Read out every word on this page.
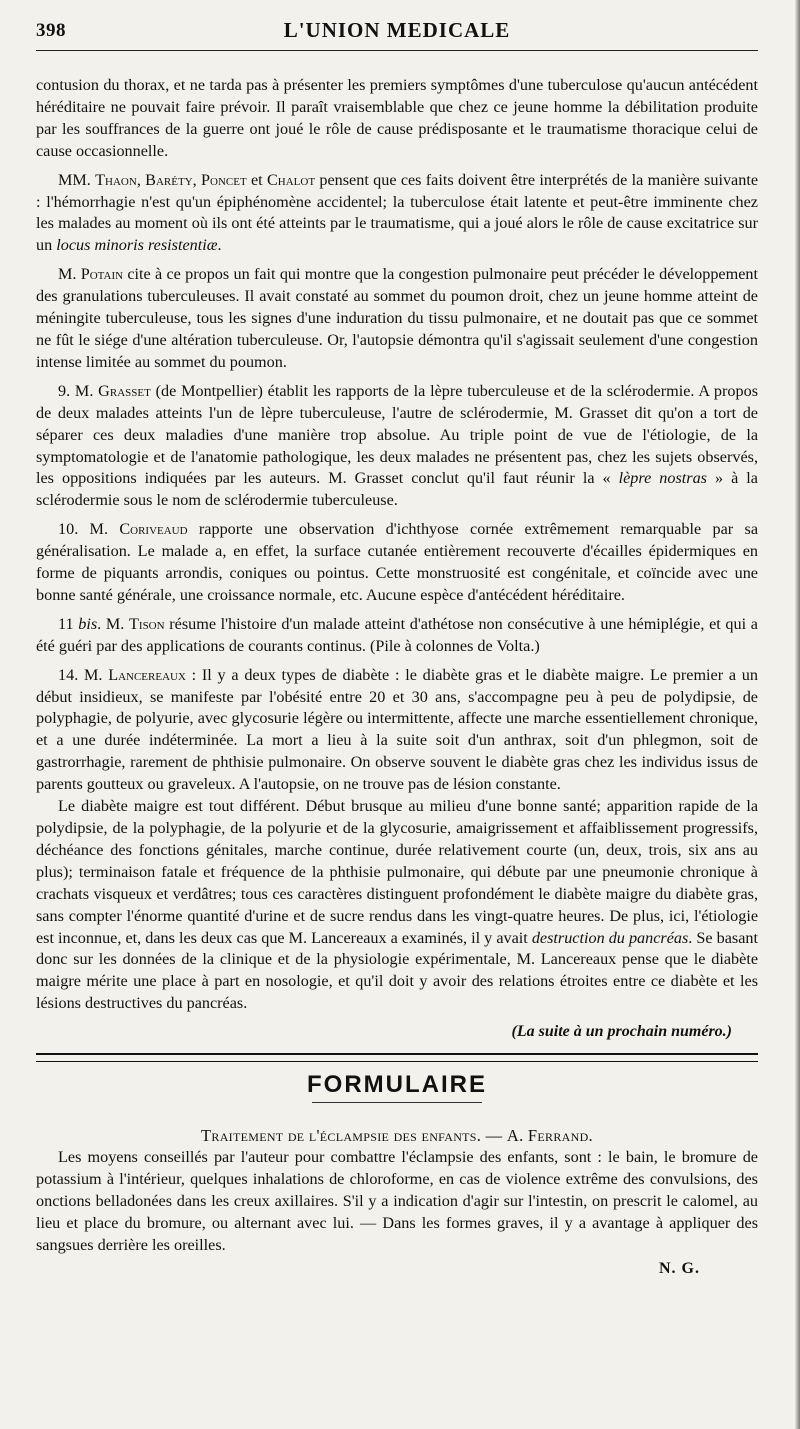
398	L'UNION MEDICALE

contusion du thorax, et ne tarda pas à présenter les premiers symptômes d'une tuberculose qu'aucun antécédent héréditaire ne pouvait faire prévoir. Il paraît vraisemblable que chez ce jeune homme la débilitation produite par les souffrances de la guerre ont joué le rôle de cause prédisposante et le traumatisme thoracique celui de cause occasionnelle.

MM. Thaon, Baréty, Poncet et Chalot pensent que ces faits doivent être interprétés de la manière suivante : l'hémorrhagie n'est qu'un épiphénomène accidentel; la tuberculose était latente et peut-être imminente chez les malades au moment où ils ont été atteints par le traumatisme, qui a joué alors le rôle de cause excitatrice sur un locus minoris resistentiæ.

M. Potain cite à ce propos un fait qui montre que la congestion pulmonaire peut précéder le développement des granulations tuberculeuses. Il avait constaté au sommet du poumon droit, chez un jeune homme atteint de méningite tuberculeuse, tous les signes d'une induration du tissu pulmonaire, et ne doutait pas que ce sommet ne fût le siége d'une altération tuberculeuse. Or, l'autopsie démontra qu'il s'agissait seulement d'une congestion intense limitée au sommet du poumon.

9. M. Grasset (de Montpellier) établit les rapports de la lèpre tuberculeuse et de la sclérodermie. A propos de deux malades atteints l'un de lèpre tuberculeuse, l'autre de sclérodermie, M. Grasset dit qu'on a tort de séparer ces deux maladies d'une manière trop absolue. Au triple point de vue de l'étiologie, de la symptomatologie et de l'anatomie pathologique, les deux malades ne présentent pas, chez les sujets observés, les oppositions indiquées par les auteurs. M. Grasset conclut qu'il faut réunir la « lèpre nostras » à la sclérodermie sous le nom de sclérodermie tuberculeuse.

10. M. Coriveaud rapporte une observation d'ichthyose cornée extrêmement remarquable par sa généralisation. Le malade a, en effet, la surface cutanée entièrement recouverte d'écailles épidermiques en forme de piquants arrondis, coniques ou pointus. Cette monstruosité est congénitale, et coïncide avec une bonne santé générale, une croissance normale, etc. Aucune espèce d'antécédent héréditaire.

11 bis. M. Tison résume l'histoire d'un malade atteint d'athétose non consécutive à une hémiplégie, et qui a été guéri par des applications de courants continus. (Pile à colonnes de Volta.)

14. M. Lancereaux : Il y a deux types de diabète : le diabète gras et le diabète maigre. Le premier a un début insidieux, se manifeste par l'obésité entre 20 et 30 ans, s'accompagne peu à peu de polydipsie, de polyphagie, de polyurie, avec glycosurie légère ou intermittente, affecte une marche essentiellement chronique, et a une durée indéterminée. La mort a lieu à la suite soit d'un anthrax, soit d'un phlegmon, soit de gastrorrhagie, rarement de phthisie pulmonaire. On observe souvent le diabète gras chez les individus issus de parents goutteux ou graveleux. A l'autopsie, on ne trouve pas de lésion constante.

Le diabète maigre est tout différent. Début brusque au milieu d'une bonne santé; apparition rapide de la polydipsie, de la polyphagie, de la polyurie et de la glycosurie, amaigrissement et affaiblissement progressifs, déchéance des fonctions génitales, marche continue, durée relativement courte (un, deux, trois, six ans au plus); terminaison fatale et fréquence de la phthisie pulmonaire, qui débute par une pneumonie chronique à crachats visqueux et verdâtres; tous ces caractères distinguent profondément le diabète maigre du diabète gras, sans compter l'énorme quantité d'urine et de sucre rendus dans les vingt-quatre heures. De plus, ici, l'étiologie est inconnue, et, dans les deux cas que M. Lancereaux a examinés, il y avait destruction du pancréas. Se basant donc sur les données de la clinique et de la physiologie expérimentale, M. Lancereaux pense que le diabète maigre mérite une place à part en nosologie, et qu'il doit y avoir des relations étroites entre ce diabète et les lésions destructives du pancréas.

(La suite à un prochain numéro.)
FORMULAIRE
Traitement de l'éclampsie des enfants. — A. Ferrand.

Les moyens conseillés par l'auteur pour combattre l'éclampsie des enfants, sont : le bain, le bromure de potassium à l'intérieur, quelques inhalations de chloroforme, en cas de violence extrême des convulsions, des onctions belladonées dans les creux axillaires. S'il y a indication d'agir sur l'intestin, on prescrit le calomel, au lieu et place du bromure, ou alternant avec lui. — Dans les formes graves, il y a avantage à appliquer des sangsues derrière les oreilles.

N. G.
